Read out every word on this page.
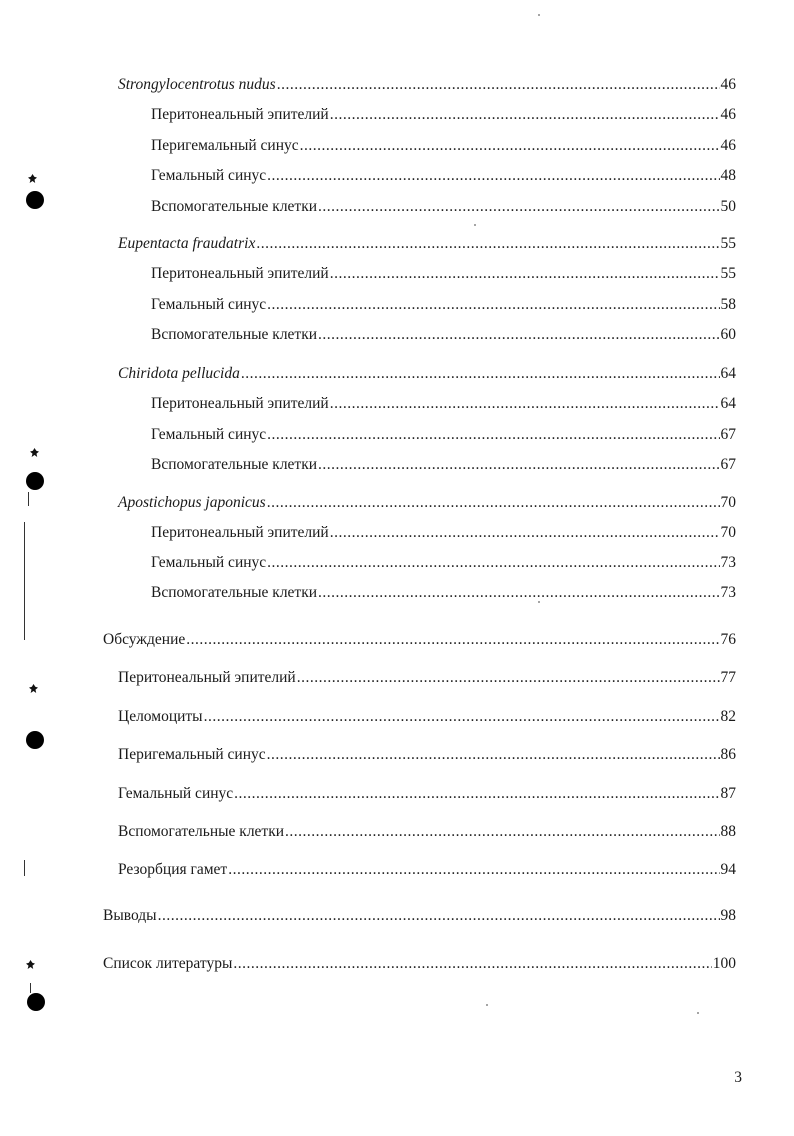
Strongylocentrotus nudus .....	46
Перитонеальный эпителий .....	46
Перигемальный синус .....	46
Гемальный синус .....	48
Вспомогательные клетки .....	50
Eupentacta fraudatrix .....	55
Перитонеальный эпителий .....	55
Гемальный синус .....	58
Вспомогательные клетки .....	60
Chiridota pellucida .....	64
Перитонеальный эпителий .....	64
Гемальный синус .....	67
Вспомогательные клетки .....	67
Apostichopus japonicus .....	70
Перитонеальный эпителий .....	70
Гемальный синус .....	73
Вспомогательные клетки .....	73
Обсуждение .....	76
Перитонеальный эпителий .....	77
Целомоциты .....	82
Перигемальный синус .....	86
Гемальный синус .....	87
Вспомогательные клетки .....	88
Резорбция гамет .....	94
Выводы .....	98
Список литературы .....	100
3
